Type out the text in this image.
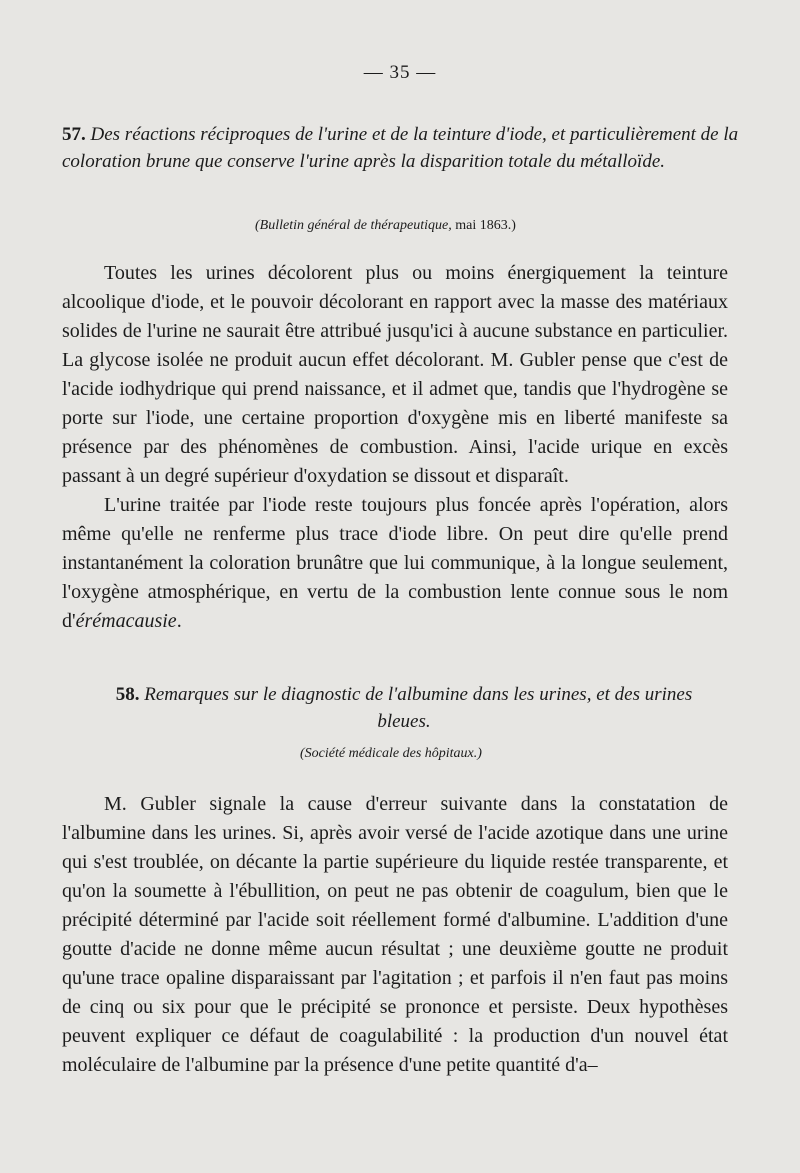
— 35 —
57. Des réactions réciproques de l'urine et de la teinture d'iode, et particulièrement de la coloration brune que conserve l'urine après la disparition totale du métalloïde.
(Bulletin général de thérapeutique, mai 1863.)

Toutes les urines décolorent plus ou moins énergiquement la teinture alcoolique d'iode, et le pouvoir décolorant en rapport avec la masse des matériaux solides de l'urine ne saurait être attribué jusqu'ici à aucune substance en particulier. La glycose isolée ne produit aucun effet décolorant. M. Gubler pense que c'est de l'acide iodhydrique qui prend naissance, et il admet que, tandis que l'hydrogène se porte sur l'iode, une certaine proportion d'oxygène mis en liberté manifeste sa présence par des phénomènes de combustion. Ainsi, l'acide urique en excès passant à un degré supérieur d'oxydation se dissout et disparaît.

L'urine traitée par l'iode reste toujours plus foncée après l'opération, alors même qu'elle ne renferme plus trace d'iode libre. On peut dire qu'elle prend instantanément la coloration brunâtre que lui communique, à la longue seulement, l'oxygène atmosphérique, en vertu de la combustion lente connue sous le nom d'érémacausie.

58. Remarques sur le diagnostic de l'albumine dans les urines, et des urines bleues.
(Société médicale des hôpitaux.)

M. Gubler signale la cause d'erreur suivante dans la constatation de l'albumine dans les urines. Si, après avoir versé de l'acide azotique dans une urine qui s'est troublée, on décante la partie supérieure du liquide restée transparente, et qu'on la soumette à l'ébullition, on peut ne pas obtenir de coagulum, bien que le précipité déterminé par l'acide soit réellement formé d'albumine. L'addition d'une goutte d'acide ne donne même aucun résultat ; une deuxième goutte ne produit qu'une trace opaline disparaissant par l'agitation ; et parfois il n'en faut pas moins de cinq ou six pour que le précipité se prononce et persiste. Deux hypothèses peuvent expliquer ce défaut de coagulabilité : la production d'un nouvel état moléculaire de l'albumine par la présence d'une petite quantité d'a–
